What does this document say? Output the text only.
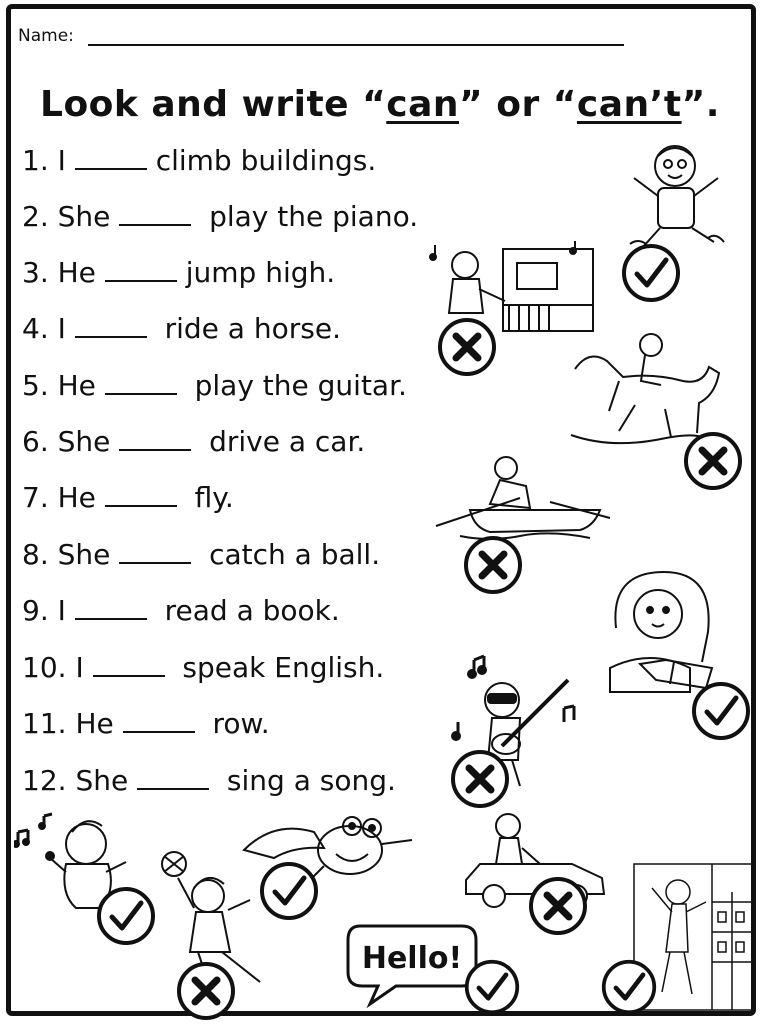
Name:
Look and write “can” or “can’t”.
1. I	climb buildings.
2. She	play the piano.
3. He	jump high.
4. I	ride a horse.
5. He	play the guitar.
6. She	drive a car.
7. He	fly.
8. She	catch a ball.
9. I	read a book.
10. I	speak English.
11. He	row.
12. She	sing a song.
Hello!
